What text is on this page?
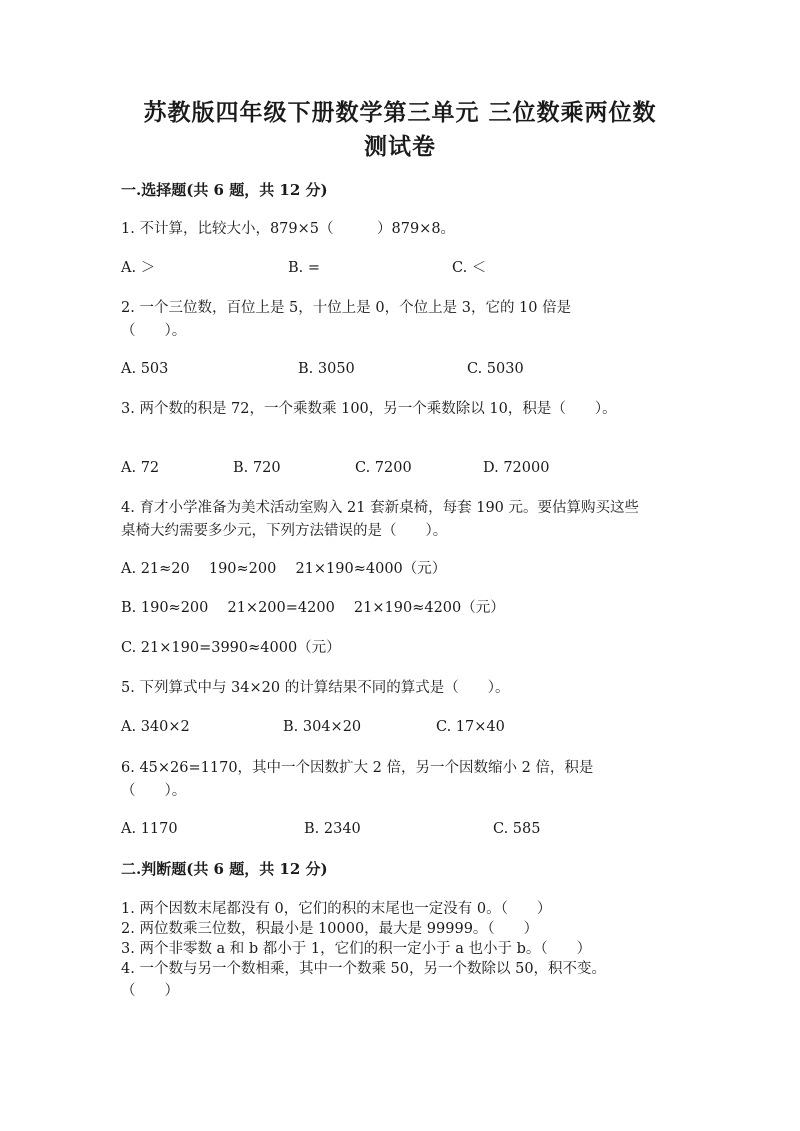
苏教版四年级下册数学第三单元 三位数乘两位数
测试卷
一.选择题(共 6 题，共 12 分)
1. 不计算，比较大小，879×5（　　　）879×8。
A. ＞	B. =	C. ＜
2. 一个三位数，百位上是 5，十位上是 0，个位上是 3，它的 10 倍是
（　　）。
A. 503	B. 3050	C. 5030
3. 两个数的积是 72，一个乘数乘 100，另一个乘数除以 10，积是（　　）。
A. 72	B. 720	C. 7200	D. 72000
4. 育才小学准备为美术活动室购入 21 套新桌椅，每套 190 元。要估算购买这些
桌椅大约需要多少元，下列方法错误的是（　　）。
A. 21≈20　 190≈200　 21×190≈4000（元）
B. 190≈200　 21×200=4200　 21×190≈4200（元）
C. 21×190=3990≈4000（元）
5. 下列算式中与 34×20 的计算结果不同的算式是（　　）。
A. 340×2	B. 304×20	C. 17×40
6. 45×26=1170，其中一个因数扩大 2 倍，另一个因数缩小 2 倍，积是
（　　）。
A. 1170	B. 2340	C. 585
二.判断题(共 6 题，共 12 分)
1. 两个因数末尾都没有 0，它们的积的末尾也一定没有 0。（　　）
2. 两位数乘三位数，积最小是 10000，最大是 99999。（　　）
3. 两个非零数 a 和 b 都小于 1，它们的积一定小于 a 也小于 b。（　　）
4. 一个数与另一个数相乘，其中一个数乘 50，另一个数除以 50，积不变。
（　　）
